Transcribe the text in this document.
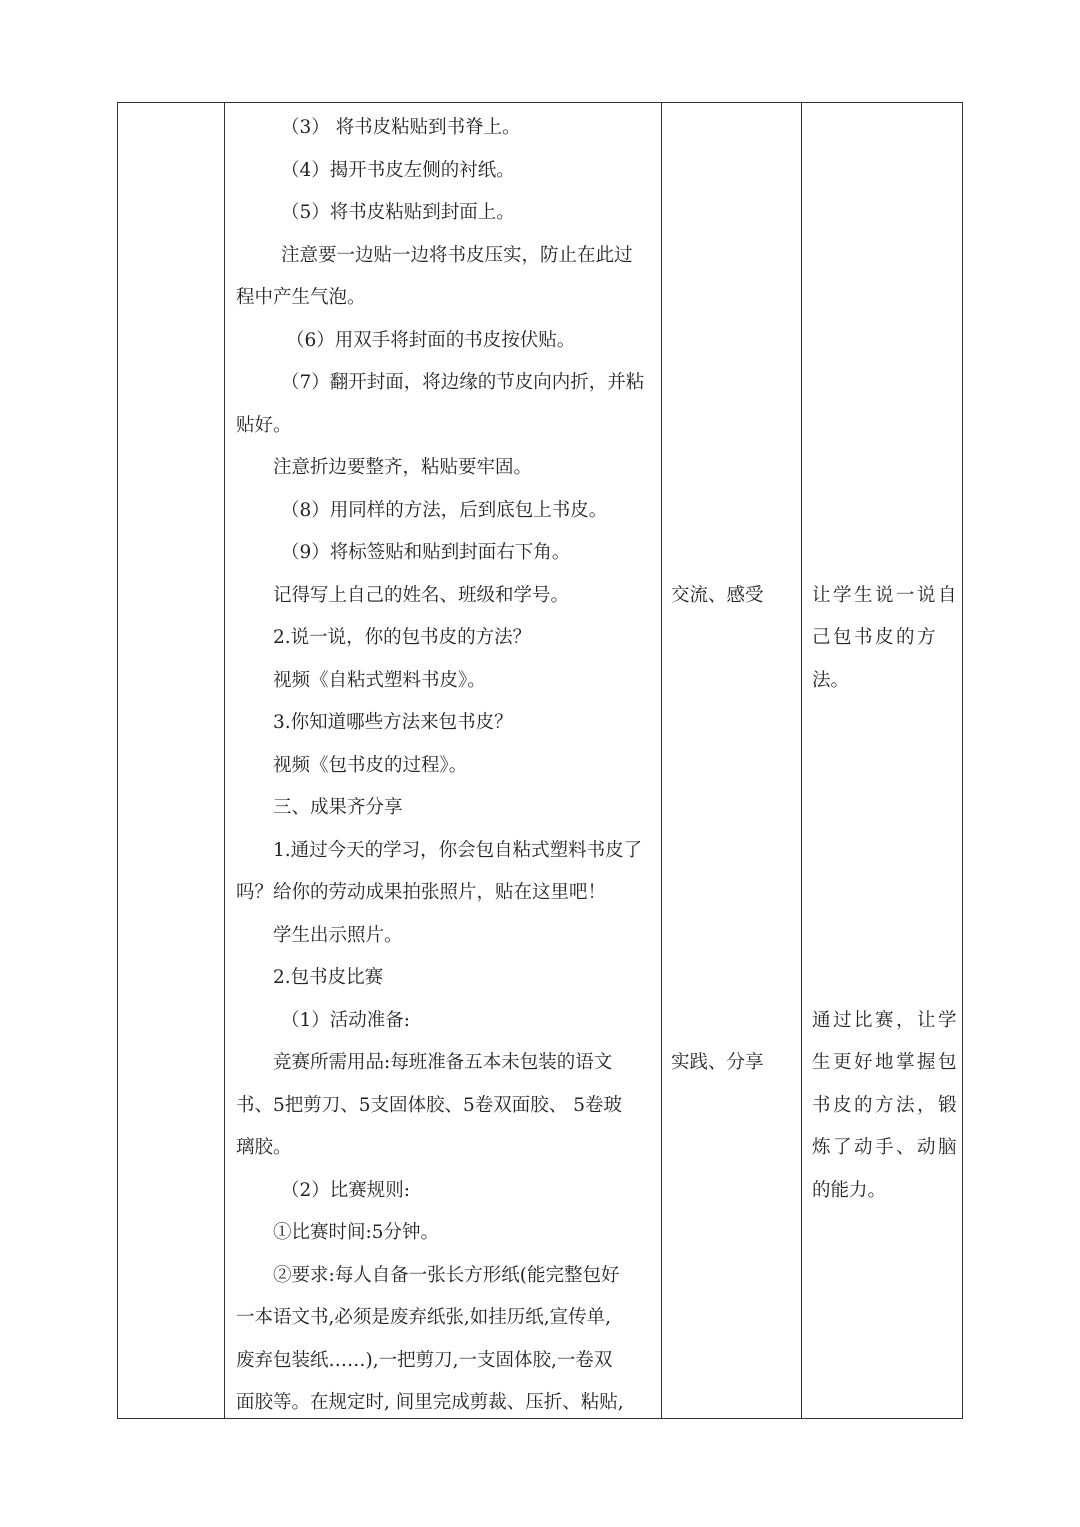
（3） 将书皮粘贴到书脊上。
（4）揭开书皮左侧的衬纸。
（5）将书皮粘贴到封面上。
注意要一边贴一边将书皮压实，防止在此过
程中产生气泡。
（6）用双手将封面的书皮按伏贴。
（7）翻开封面，将边缘的节皮向内折，并粘
贴好。
注意折边要整齐，粘贴要牢固。
（8）用同样的方法，后到底包上书皮。
（9）将标签贴和贴到封面右下角。
记得写上自己的姓名、班级和学号。
2.说一说，你的包书皮的方法？
视频《自粘式塑料书皮》。
3.你知道哪些方法来包书皮？
视频《包书皮的过程》。
三、成果齐分享
1.通过今天的学习，你会包自粘式塑料书皮了
吗？给你的劳动成果拍张照片，贴在这里吧！
学生出示照片。
2.包书皮比赛
（1）活动准备:
竞赛所需用品:每班准备五本未包装的语文
书、5把剪刀、5支固体胶、5卷双面胶、 5卷玻
璃胶。
（2）比赛规则:
①比赛时间:5分钟。
②要求:每人自备一张长方形纸(能完整包好
一本语文书,必须是废弃纸张,如挂历纸,宣传单,
废弃包装纸……),一把剪刀,一支固体胶,一卷双
面胶等。在规定时, 间里完成剪裁、压折、粘贴,
交流、感受
实践、分享
让学生说一说自
己包书皮的方
法。
通过比赛，让学
生更好地掌握包
书皮的方法，锻
炼了动手、动脑
的能力。
